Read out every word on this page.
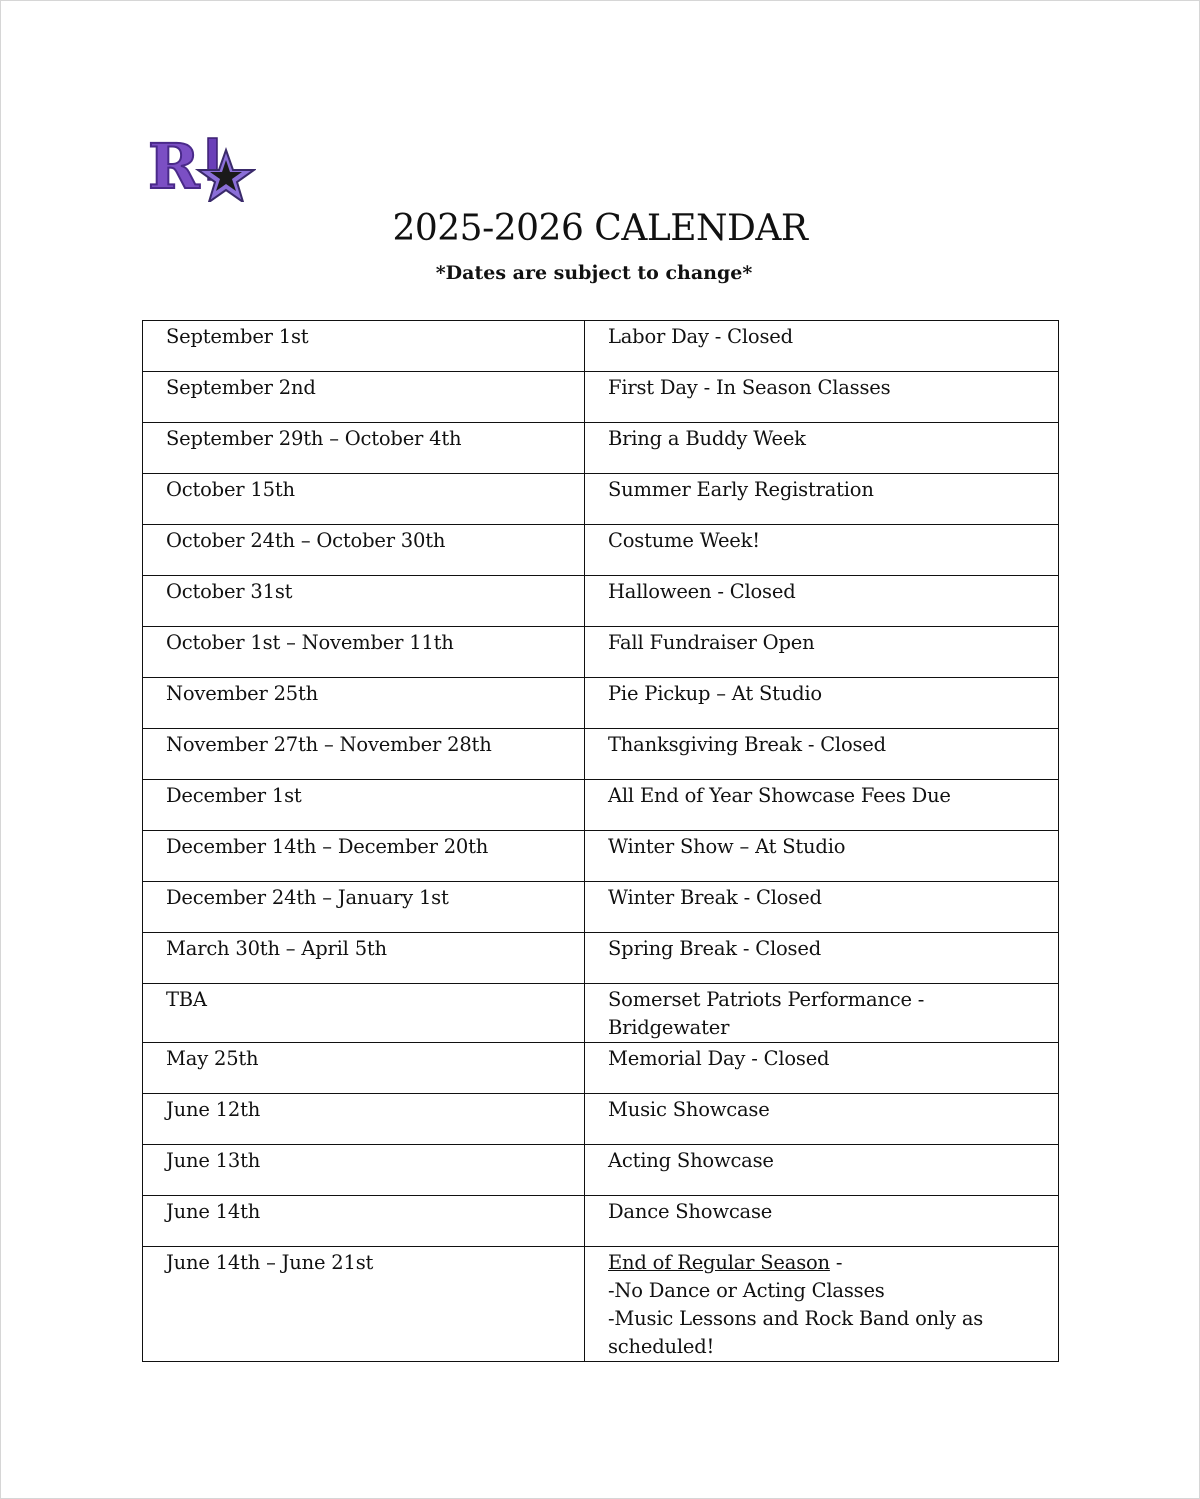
R
2025-2026 CALENDAR
*Dates are subject to change*
September 1st	Labor Day - Closed
September 2nd	First Day - In Season Classes
September 29th – October 4th	Bring a Buddy Week
October 15th	Summer Early Registration
October 24th – October 30th	Costume Week!
October 31st	Halloween - Closed
October 1st – November 11th	Fall Fundraiser Open
November 25th	Pie Pickup – At Studio
November 27th – November 28th	Thanksgiving Break - Closed
December 1st	All End of Year Showcase Fees Due
December 14th – December 20th	Winter Show – At Studio
December 24th – January 1st	Winter Break - Closed
March 30th – April 5th	Spring Break - Closed
TBA	Somerset Patriots Performance - Bridgewater
May 25th	Memorial Day - Closed
June 12th	Music Showcase
June 13th	Acting Showcase
June 14th	Dance Showcase
June 14th – June 21st	End of Regular Season -
-No Dance or Acting Classes
-Music Lessons and Rock Band only as scheduled!
